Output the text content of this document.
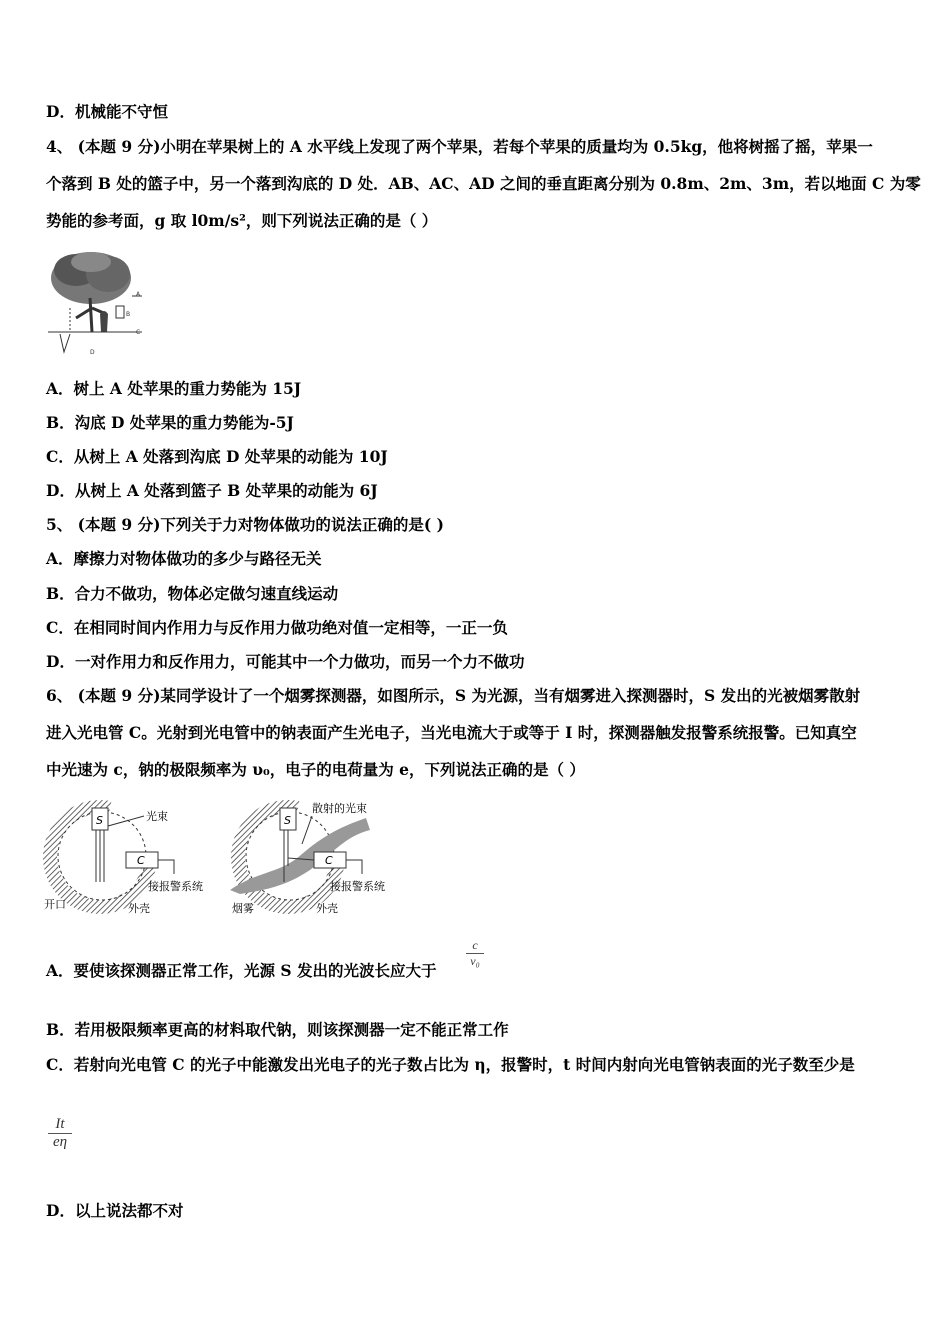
D．机械能不守恒
4、 (本题 9 分)小明在苹果树上的 A 水平线上发现了两个苹果，若每个苹果的质量均为 0.5kg，他将树摇了摇，苹果一
个落到 B 处的篮子中，另一个落到沟底的 D 处．AB、AC、AD 之间的垂直距离分别为 0.8m、2m、3m，若以地面 C 为零
势能的参考面，g 取 l0m/s²，则下列说法正确的是（ ）
A
B
C
D
A．树上 A 处苹果的重力势能为 15J
B．沟底 D 处苹果的重力势能为-5J
C．从树上 A 处落到沟底 D 处苹果的动能为 10J
D．从树上 A 处落到篮子 B 处苹果的动能为 6J
5、 (本题 9 分)下列关于力对物体做功的说法正确的是( )
A．摩擦力对物体做功的多少与路径无关
B．合力不做功，物体必定做匀速直线运动
C．在相同时间内作用力与反作用力做功绝对值一定相等，一正一负
D．一对作用力和反作用力，可能其中一个力做功，而另一个力不做功
6、 (本题 9 分)某同学设计了一个烟雾探测器，如图所示，S 为光源，当有烟雾进入探测器时，S 发出的光被烟雾散射
进入光电管 C。光射到光电管中的钠表面产生光电子，当光电流大于或等于 I 时，探测器触发报警系统报警。已知真空
中光速为 c，钠的极限频率为 υ₀，电子的电荷量为 e，下列说法正确的是（ ）
S
C
光束
接报警系统
开口	外壳
S
C
散射的光束
接报警系统
烟雾	外壳
A．要使该探测器正常工作，光源 S 发出的光波长应大于
c
v₀
B．若用极限频率更高的材料取代钠，则该探测器一定不能正常工作
C．若射向光电管 C 的光子中能激发出光电子的光子数占比为 η，报警时，t 时间内射向光电管钠表面的光子数至少是
It
eη
D．以上说法都不对
